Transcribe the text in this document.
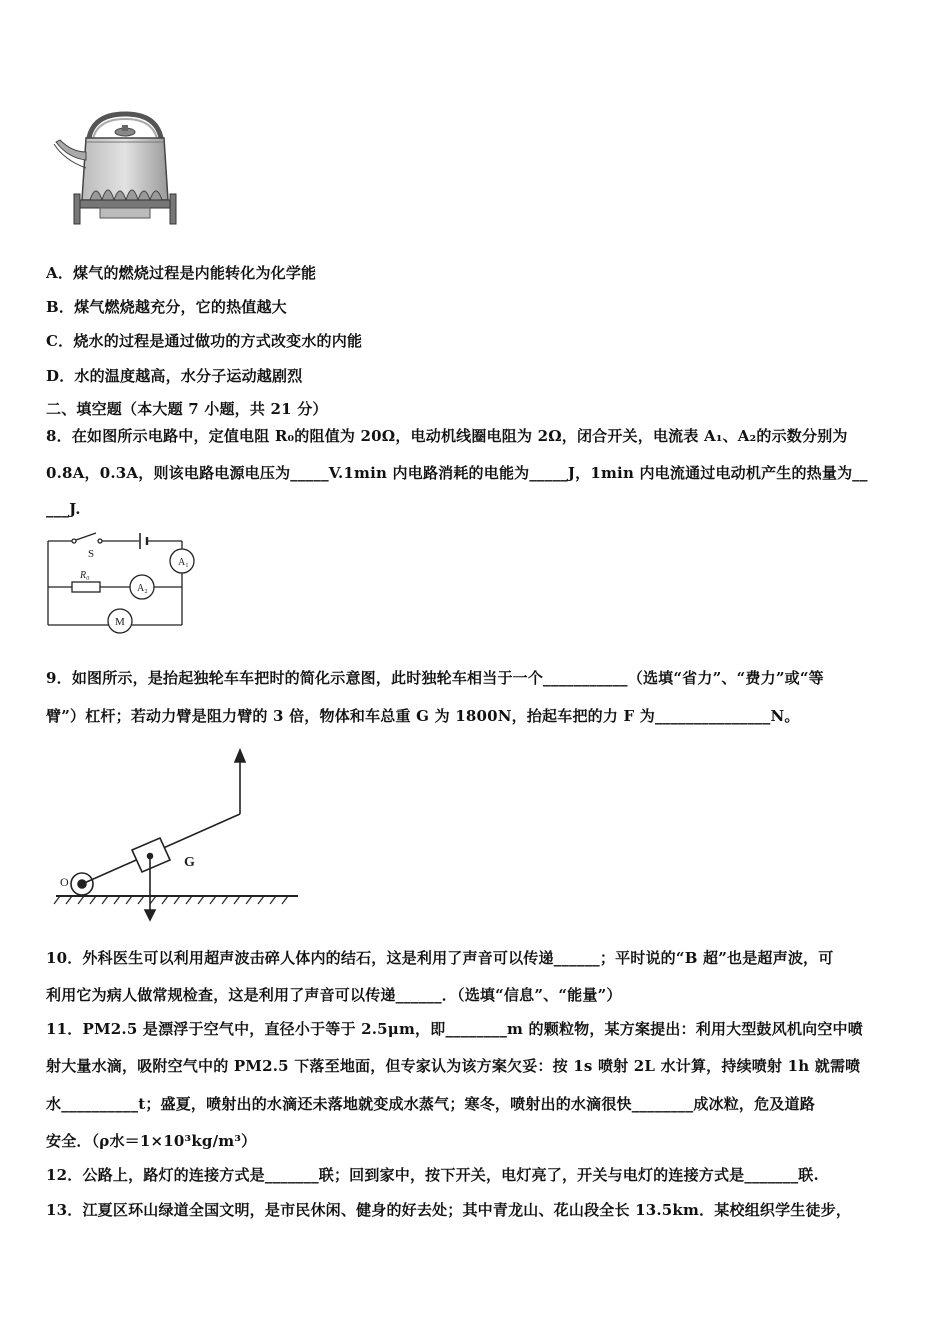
A．煤气的燃烧过程是内能转化为化学能
B．煤气燃烧越充分，它的热值越大
C．烧水的过程是通过做功的方式改变水的内能
D．水的温度越高，水分子运动越剧烈
二、填空题（本大题 7 小题，共 21 分）
8．在如图所示电路中，定值电阻 R₀的阻值为 20Ω，电动机线圈电阻为 2Ω，闭合开关，电流表 A₁、A₂的示数分别为
0.8A，0.3A，则该电路电源电压为_____V.1min 内电路消耗的电能为_____J，1min 内电流通过电动机产生的热量为__
___J.
S
A₁
R₀
A₂
M
9．如图所示，是抬起独轮车车把时的简化示意图，此时独轮车相当于一个___________（选填“省力”、“费力”或“等
臂”）杠杆；若动力臂是阻力臂的 3 倍，物体和车总重 G 为 1800N，抬起车把的力 F 为_______________N。
O
G
10．外科医生可以利用超声波击碎人体内的结石，这是利用了声音可以传递______；平时说的“B 超”也是超声波，可
利用它为病人做常规检查，这是利用了声音可以传递______．（选填“信息”、“能量”）
11．PM2.5 是漂浮于空气中，直径小于等于 2.5μm，即________m 的颗粒物，某方案提出：利用大型鼓风机向空中喷
射大量水滴，吸附空气中的 PM2.5 下落至地面，但专家认为该方案欠妥：按 1s 喷射 2L 水计算，持续喷射 1h 就需喷
水__________t；盛夏，喷射出的水滴还未落地就变成水蒸气；寒冬，喷射出的水滴很快________成冰粒，危及道路
安全．（ρ水＝1×10³kg/m³）
12．公路上，路灯的连接方式是_______联；回到家中，按下开关，电灯亮了，开关与电灯的连接方式是_______联.
13．江夏区环山绿道全国文明，是市民休闲、健身的好去处；其中青龙山、花山段全长 13.5km．某校组织学生徒步，
